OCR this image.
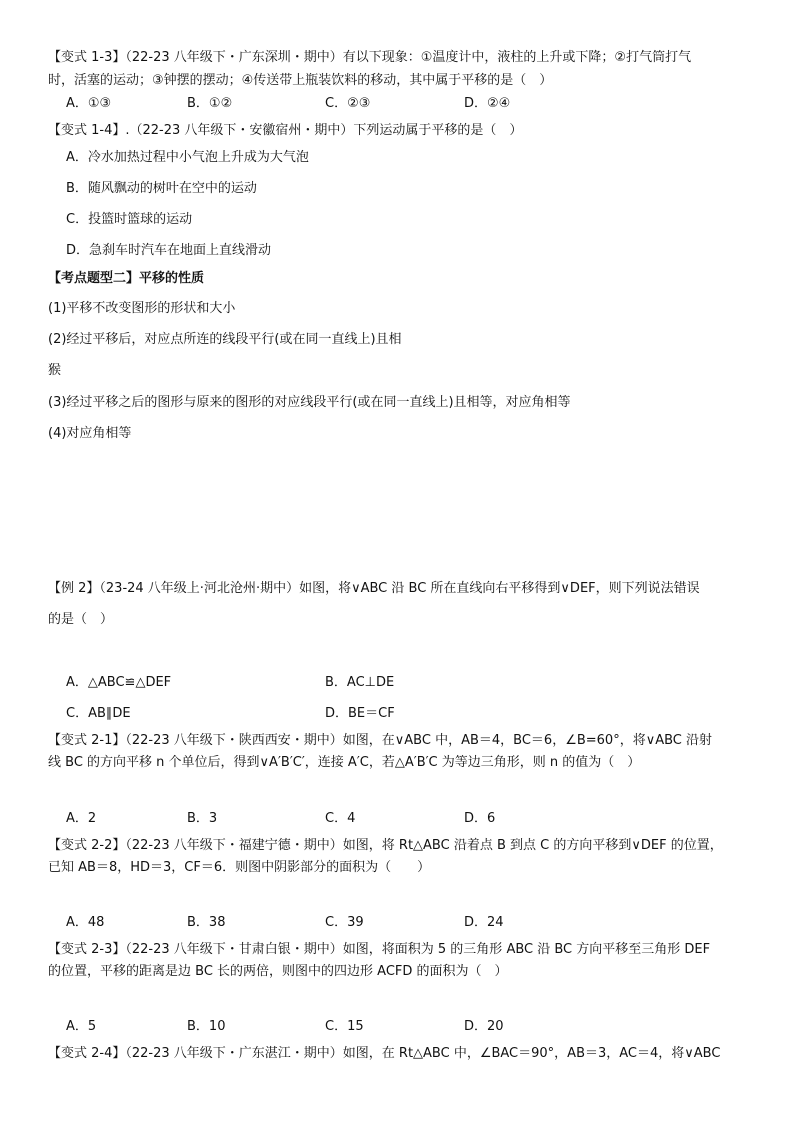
【变式 1-3】（22-23 八年级下・广东深圳・期中）有以下现象：①温度计中，液柱的上升或下降；②打气筒打气
时，活塞的运动；③钟摆的摆动；④传送带上瓶装饮料的移动，其中属于平移的是（　）
A．①③	B．①②	C．②③	D．②④
【变式 1-4】.（22-23 八年级下・安徽宿州・期中）下列运动属于平移的是（　）
A．冷水加热过程中小气泡上升成为大气泡
B．随风飘动的树叶在空中的运动
C．投篮时篮球的运动
D．急刹车时汽车在地面上直线滑动
【考点题型二】平移的性质
(1)平移不改变图形的形状和大小
(2)经过平移后，对应点所连的线段平行(或在同一直线上)且相
猴
(3)经过平移之后的图形与原来的图形的对应线段平行(或在同一直线上)且相等，对应角相等
(4)对应角相等
【例 2】（23-24 八年级上·河北沧州·期中）如图，将∨ABC 沿 BC 所在直线向右平移得到∨DEF，则下列说法错误
的是（　）
A．△ABC≌△DEF	B．AC⊥DE
C．AB∥DE	D．BE＝CF
【变式 2-1】（22-23 八年级下・陕西西安・期中）如图，在∨ABC 中，AB＝4，BC＝6，∠B=60°，将∨ABC 沿射
线 BC 的方向平移 n 个单位后，得到∨A′B′C′，连接 A′C，若△A′B′C 为等边三角形，则 n 的值为（　）
A．2	B．3	C．4	D．6
【变式 2-2】（22-23 八年级下・福建宁德・期中）如图，将 Rt△ABC 沿着点 B 到点 C 的方向平移到∨DEF 的位置，
已知 AB＝8，HD＝3，CF＝6．则图中阴影部分的面积为（　　）
A．48	B．38	C．39	D．24
【变式 2-3】（22-23 八年级下・甘肃白银・期中）如图，将面积为 5 的三角形 ABC 沿 BC 方向平移至三角形 DEF
的位置，平移的距离是边 BC 长的两倍，则图中的四边形 ACFD 的面积为（　）
A．5	B．10	C．15	D．20
【变式 2-4】（22-23 八年级下・广东湛江・期中）如图，在 Rt△ABC 中，∠BAC＝90°，AB＝3，AC＝4，将∨ABC
